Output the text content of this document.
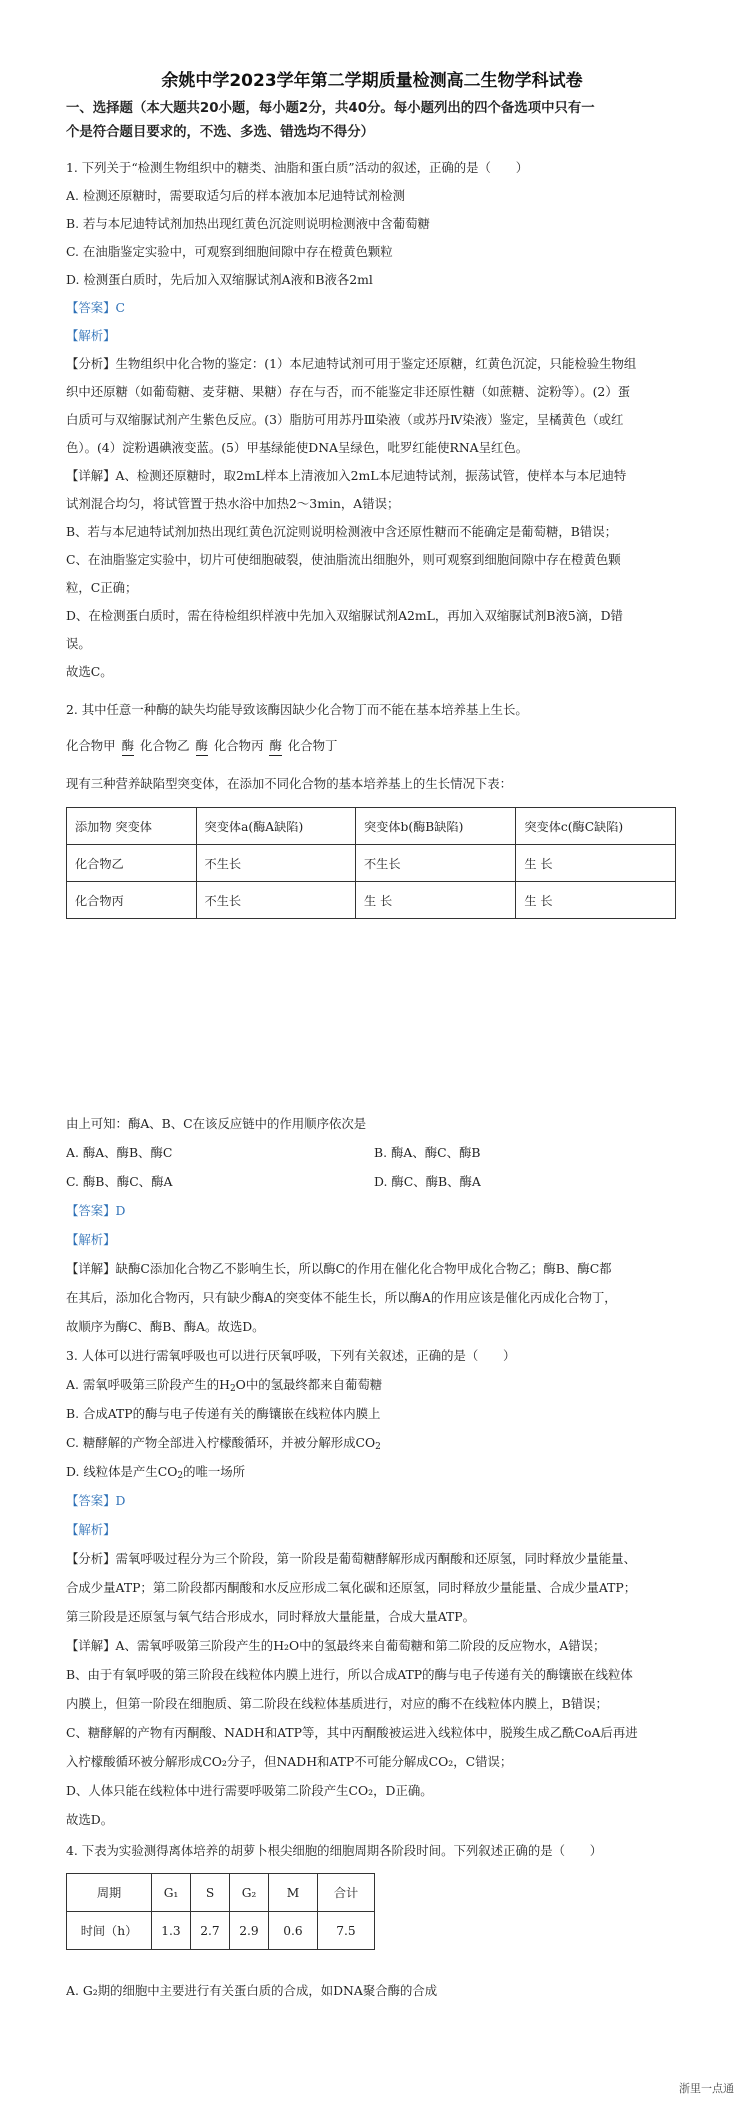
余姚中学2023学年第二学期质量检测高二生物学科试卷
一、选择题（本大题共20小题，每小题2分，共40分。每小题列出的四个备选项中只有一
个是符合题目要求的，不选、多选、错选均不得分）
1. 下列关于“检测生物组织中的糖类、油脂和蛋白质”活动的叙述，正确的是（　　）
A. 检测还原糖时，需要取适匀后的样本液加本尼迪特试剂检测
B. 若与本尼迪特试剂加热出现红黄色沉淀则说明检测液中含葡萄糖
C. 在油脂鉴定实验中，可观察到细胞间隙中存在橙黄色颗粒
D. 检测蛋白质时，先后加入双缩脲试剂A液和B液各2ml
【答案】C
【解析】
【分析】生物组织中化合物的鉴定：(1）本尼迪特试剂可用于鉴定还原糖，红黄色沉淀，只能检验生物组
织中还原糖（如葡萄糖、麦芽糖、果糖）存在与否，而不能鉴定非还原性糖（如蔗糖、淀粉等）。(2）蛋
白质可与双缩脲试剂产生紫色反应。(3）脂肪可用苏丹Ⅲ染液（或苏丹Ⅳ染液）鉴定，呈橘黄色（或红
色）。(4）淀粉遇碘液变蓝。(5）甲基绿能使DNA呈绿色，吡罗红能使RNA呈红色。
【详解】A、检测还原糖时，取2mL样本上清液加入2mL本尼迪特试剂，振荡试管，使样本与本尼迪特
试剂混合均匀，将试管置于热水浴中加热2～3min，A错误；
B、若与本尼迪特试剂加热出现红黄色沉淀则说明检测液中含还原性糖而不能确定是葡萄糖，B错误；
C、在油脂鉴定实验中，切片可使细胞破裂，使油脂流出细胞外，则可观察到细胞间隙中存在橙黄色颗
粒，C正确；
D、在检测蛋白质时，需在待检组织样液中先加入双缩脲试剂A2mL，再加入双缩脲试剂B液5滴，D错
误。
故选C。
2. 其中任意一种酶的缺失均能导致该酶因缺少化合物丁而不能在基本培养基上生长。
化合物甲 酶 化合物乙 酶 化合物丙 酶 化合物丁
现有三种营养缺陷型突变体，在添加不同化合物的基本培养基上的生长情况下表：
添加物 突变体	突变体a(酶A缺陷)	突变体b(酶B缺陷)	突变体c(酶C缺陷)
化合物乙	不生长	不生长	生 长
化合物丙	不生长	生 长	生 长
由上可知：酶A、B、C在该反应链中的作用顺序依次是
A. 酶A、酶B、酶C	B. 酶A、酶C、酶B
C. 酶B、酶C、酶A	D. 酶C、酶B、酶A
【答案】D
【解析】
【详解】缺酶C添加化合物乙不影响生长，所以酶C的作用在催化化合物甲成化合物乙；酶B、酶C都
在其后，添加化合物丙，只有缺少酶A的突变体不能生长，所以酶A的作用应该是催化丙成化合物丁，
故顺序为酶C、酶B、酶A。故选D。
3. 人体可以进行需氧呼吸也可以进行厌氧呼吸，下列有关叙述，正确的是（　　）
A. 需氧呼吸第三阶段产生的$H_2O$中的氢最终都来自葡萄糖
B. 合成ATP的酶与电子传递有关的酶镶嵌在线粒体内膜上
C. 糖酵解的产物全部进入柠檬酸循环，并被分解形成$CO_2$
D. 线粒体是产生$CO_2$的唯一场所
【答案】D
【解析】
【分析】需氧呼吸过程分为三个阶段，第一阶段是葡萄糖酵解形成丙酮酸和还原氢，同时释放少量能量、
合成少量ATP；第二阶段都丙酮酸和水反应形成二氧化碳和还原氢，同时释放少量能量、合成少量ATP；
第三阶段是还原氢与氧气结合形成水，同时释放大量能量，合成大量ATP。
【详解】A、需氧呼吸第三阶段产生的H₂O中的氢最终来自葡萄糖和第二阶段的反应物水，A错误；
B、由于有氧呼吸的第三阶段在线粒体内膜上进行，所以合成ATP的酶与电子传递有关的酶镶嵌在线粒体
内膜上，但第一阶段在细胞质、第二阶段在线粒体基质进行，对应的酶不在线粒体内膜上，B错误；
C、糖酵解的产物有丙酮酸、NADH和ATP等，其中丙酮酸被运进入线粒体中，脱羧生成乙酰CoA后再进
入柠檬酸循环被分解形成CO₂分子，但NADH和ATP不可能分解成CO₂，C错误；
D、人体只能在线粒体中进行需要呼吸第二阶段产生CO₂，D正确。
故选D。
4. 下表为实验测得离体培养的胡萝卜根尖细胞的细胞周期各阶段时间。下列叙述正确的是（　　）
周期	G₁	S	G₂	M	合计
时间（h）	1.3	2.7	2.9	0.6	7.5
A. G₂期的细胞中主要进行有关蛋白质的合成，如DNA聚合酶的合成
浙里一点通
